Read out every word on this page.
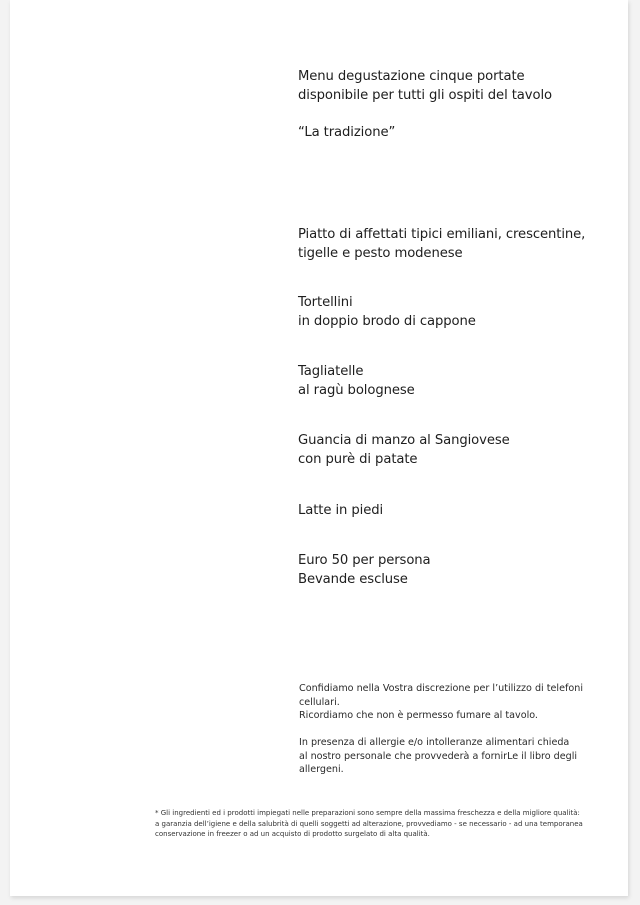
Menu degustazione cinque portate
disponibile per tutti gli ospiti del tavolo
“La tradizione”
Piatto di affettati tipici emiliani, crescentine,
tigelle e pesto modenese
Tortellini
in doppio brodo di cappone
Tagliatelle
al ragù bolognese
Guancia di manzo al Sangiovese
con purè di patate
Latte in piedi
Euro 50 per persona
Bevande escluse
Confidiamo nella Vostra discrezione per l’utilizzo di telefoni
cellulari.
Ricordiamo che non è permesso fumare al tavolo.
In presenza di allergie e/o intolleranze alimentari chieda
al nostro personale che provvederà a fornirLe il libro degli
allergeni.
* Gli ingredienti ed i prodotti impiegati nelle preparazioni sono sempre della massima freschezza e della migliore qualità:
a garanzia dell’igiene e della salubrità di quelli soggetti ad alterazione, provvediamo - se necessario - ad una temporanea
conservazione in freezer o ad un acquisto di prodotto surgelato di alta qualità.
